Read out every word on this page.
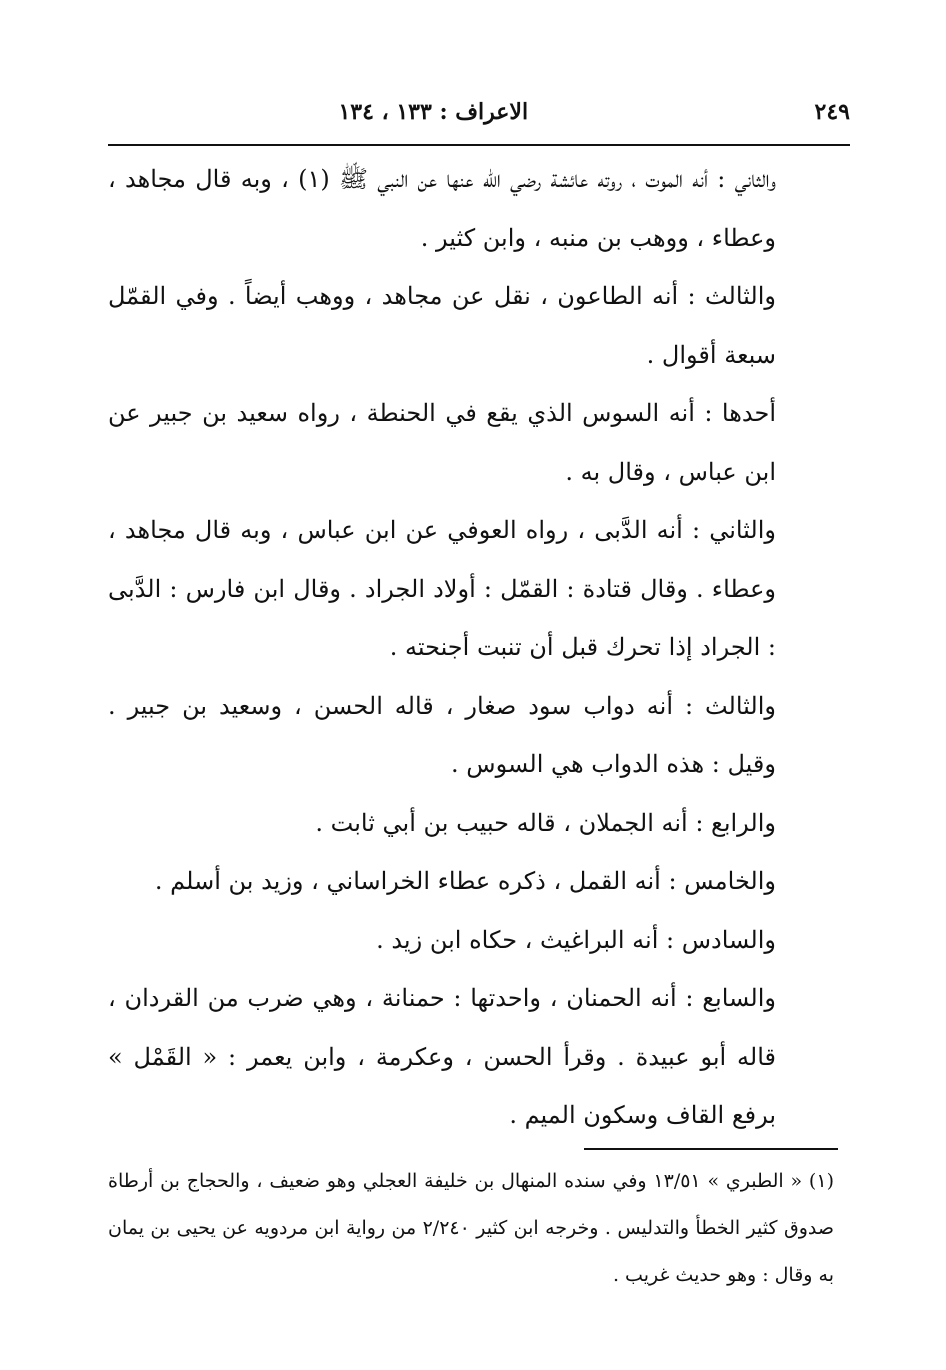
٢٤٩
الاعراف : ١٣٣ ، ١٣٤

والثاني : أنه الموت ، روته عائشة رضي الله عنها عن النبي ﷺ (١) ، وبه قال مجاهد ، وعطاء ، ووهب بن منبه ، وابن كثير .

والثالث : أنه الطاعون ، نقل عن مجاهد ، ووهب أيضاً . وفي القمّل سبعة أقوال .

أحدها : أنه السوس الذي يقع في الحنطة ، رواه سعيد بن جبير عن ابن عباس ، وقال به .

والثاني : أنه الدَّبى ، رواه العوفي عن ابن عباس ، وبه قال مجاهد ، وعطاء . وقال قتادة : القمّل : أولاد الجراد . وقال ابن فارس : الدَّبى : الجراد إذا تحرك قبل أن تنبت أجنحته .

والثالث : أنه دواب سود صغار ، قاله الحسن ، وسعيد بن جبير . وقيل : هذه الدواب هي السوس .

والرابع : أنه الجملان ، قاله حبيب بن أبي ثابت .

والخامس : أنه القمل ، ذكره عطاء الخراساني ، وزيد بن أسلم .

والسادس : أنه البراغيث ، حكاه ابن زيد .

والسابع : أنه الحمنان ، واحدتها : حمنانة ، وهي ضرب من القردان ، قاله أبو عبيدة . وقرأ الحسن ، وعكرمة ، وابن يعمر : « القَمْل » برفع القاف وسكون الميم .

(١) « الطبري » ١٣/٥١ وفي سنده المنهال بن خليفة العجلي وهو ضعيف ، والحجاج بن أرطاة صدوق كثير الخطأ والتدليس . وخرجه ابن كثير ٢/٢٤٠ من رواية ابن مردويه عن يحيى بن يمان به وقال : وهو حديث غريب .
